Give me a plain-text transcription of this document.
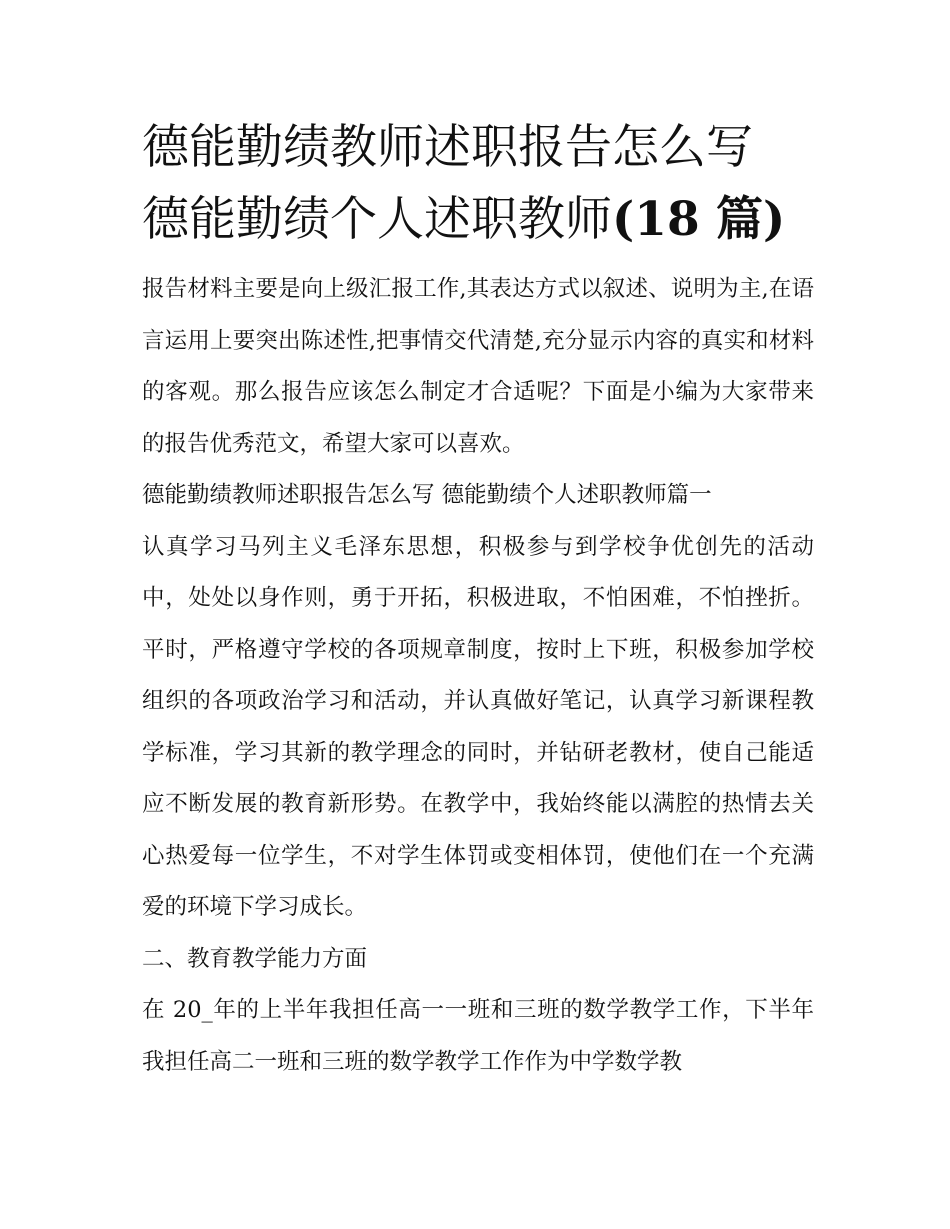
德能勤绩教师述职报告怎么写
德能勤绩个人述职教师(18 篇)

报告材料主要是向上级汇报工作,其表达方式以叙述、说明为主,在语言运用上要突出陈述性,把事情交代清楚,充分显示内容的真实和材料的客观。那么报告应该怎么制定才合适呢？下面是小编为大家带来的报告优秀范文，希望大家可以喜欢。

德能勤绩教师述职报告怎么写 德能勤绩个人述职教师篇一

认真学习马列主义毛泽东思想，积极参与到学校争优创先的活动中，处处以身作则，勇于开拓，积极进取，不怕困难，不怕挫折。平时，严格遵守学校的各项规章制度，按时上下班，积极参加学校组织的各项政治学习和活动，并认真做好笔记，认真学习新课程教学标准，学习其新的教学理念的同时，并钻研老教材，使自己能适应不断发展的教育新形势。在教学中，我始终能以满腔的热情去关心热爱每一位学生，不对学生体罚或变相体罚，使他们在一个充满爱的环境下学习成长。

二、教育教学能力方面

在 20_年的上半年我担任高一一班和三班的数学教学工作，下半年我担任高二一班和三班的数学教学工作作为中学数学教
